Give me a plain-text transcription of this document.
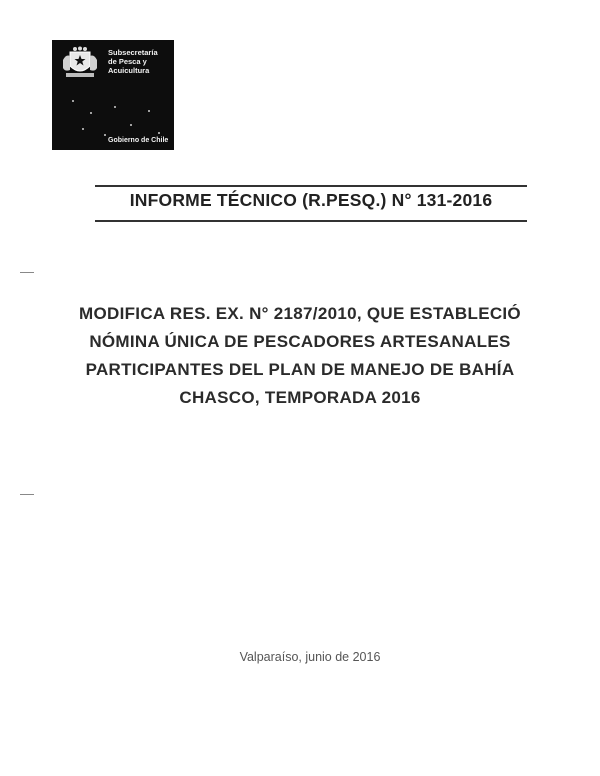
Subsecretaría
de Pesca y
Acuicultura
Gobierno de Chile
INFORME TÉCNICO (R.PESQ.) N° 131-2016
MODIFICA RES. EX. N° 2187/2010, QUE ESTABLECIÓ
NÓMINA ÚNICA DE PESCADORES ARTESANALES
PARTICIPANTES DEL PLAN DE MANEJO DE BAHÍA
CHASCO, TEMPORADA 2016
Valparaíso, junio de 2016
